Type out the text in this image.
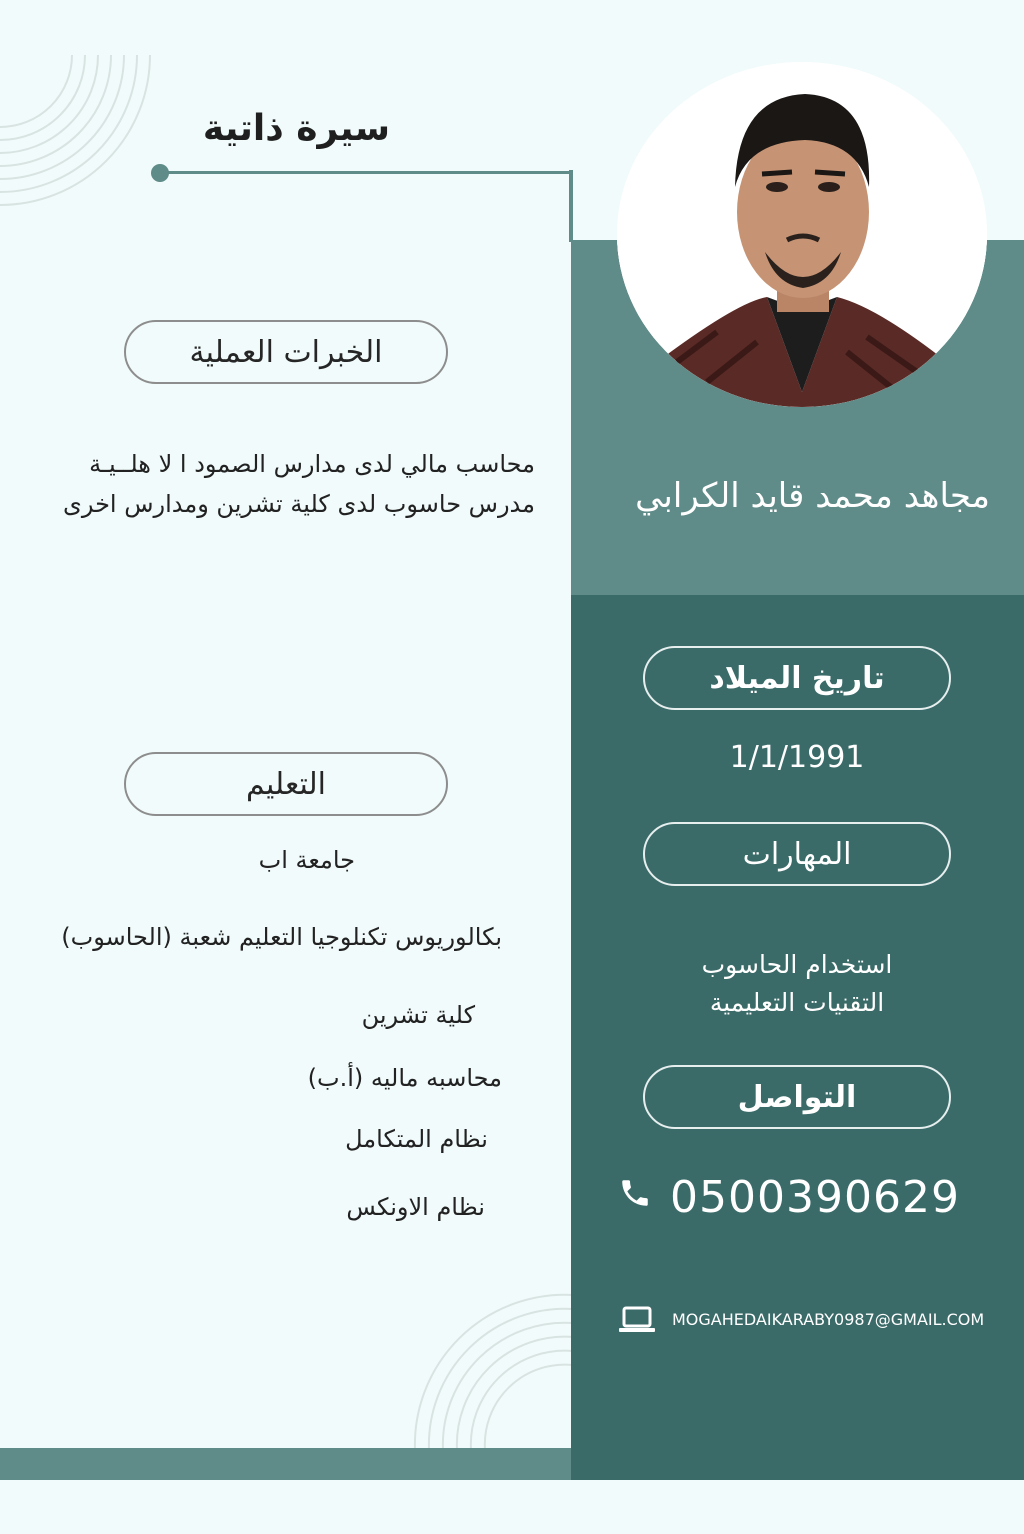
سيرة ذاتية
مجاهد محمد قايد الكرابي
الخبرات العملية
محاسب مالي لدى مدارس الصمود ا لا هلــيـة
مدرس حاسوب لدى كلية تشرين ومدارس اخرى
التعليم
جامعة اب
بكالوريوس تكنلوجيا التعليم شعبة (الحاسوب)
كلية تشرين
محاسبه ماليه (أ.ب)
نظام المتكامل
نظام الاونكس
تاريخ الميلاد
1/1/1991
المهارات
استخدام الحاسوب
التقنيات التعليمية
التواصل
0500390629
MOGAHEDAIKARABY0987@GMAIL.COM
